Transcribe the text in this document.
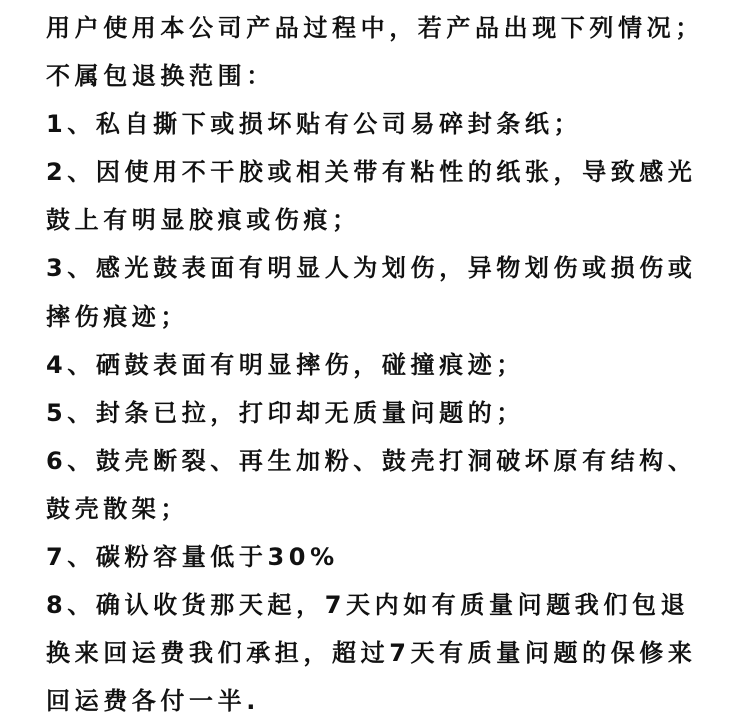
用户使用本公司产品过程中，若产品出现下列情况；
不属包退换范围：
1、私自撕下或损坏贴有公司易碎封条纸；
2、因使用不干胶或相关带有粘性的纸张，导致感光
鼓上有明显胶痕或伤痕；
3、感光鼓表面有明显人为划伤，异物划伤或损伤或
摔伤痕迹；
4、硒鼓表面有明显摔伤，碰撞痕迹；
5、封条已拉，打印却无质量问题的；
6、鼓壳断裂、再生加粉、鼓壳打洞破坏原有结构、
鼓壳散架；
7、碳粉容量低于30%
8、确认收货那天起，7天内如有质量问题我们包退
换来回运费我们承担，超过7天有质量问题的保修来
回运费各付一半.
